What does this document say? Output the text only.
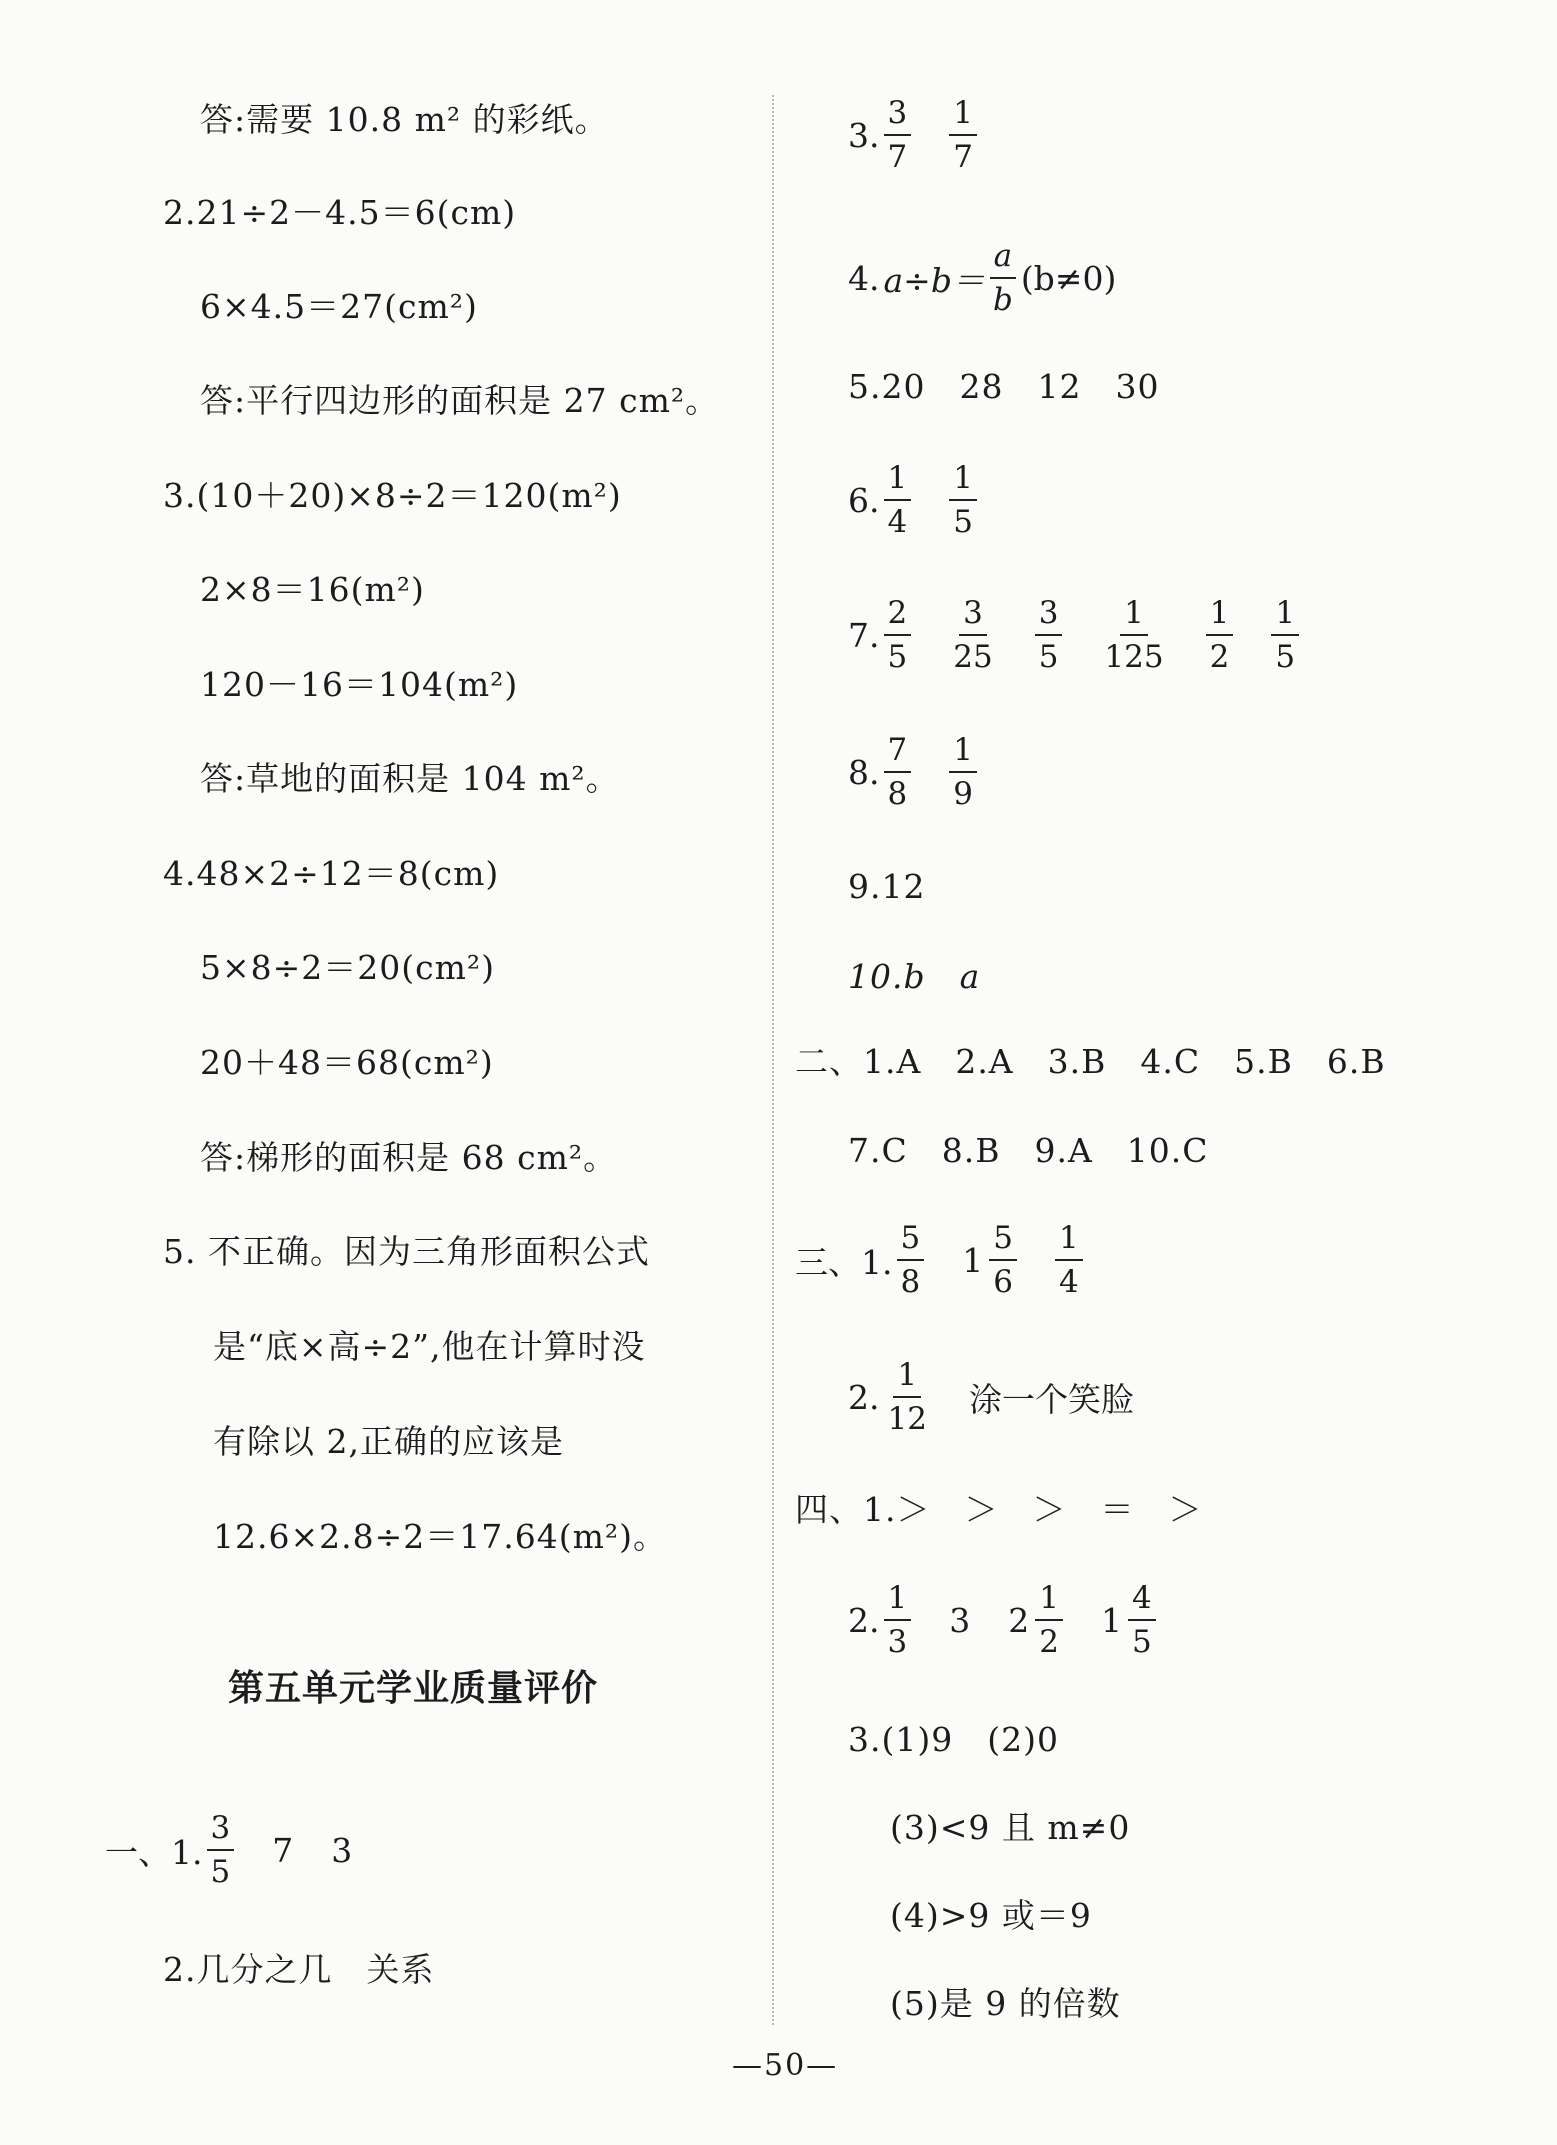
答:需要 10.8 m² 的彩纸。
2.21÷2－4.5＝6(cm)
6×4.5＝27(cm²)
答:平行四边形的面积是 27 cm²。
3.(10＋20)×8÷2＝120(m²)
2×8＝16(m²)
120－16＝104(m²)
答:草地的面积是 104 m²。
4.48×2÷12＝8(cm)
5×8÷2＝20(cm²)
20＋48＝68(cm²)
答:梯形的面积是 68 cm²。
5. 不正确。因为三角形面积公式
是“底×高÷2”,他在计算时没
有除以 2,正确的应该是
12.6×2.8÷2＝17.64(m²)。
第五单元学业质量评价
一、1. $\frac{3}{5} 7$ 3
2.几分之几　关系
3. $\frac{3}{7} \frac{1}{7}$
4. $a\div b= \frac{a}{b} (b\ne 0)$
5.20　28　12　30
6. $\frac{1}{4} \frac{1}{5}$
7. $\frac{2}{5} \frac{3}{25} \frac{3}{5} \frac{1}{125} \frac{1}{2} \frac{1}{5}$
8. $\frac{7}{8} \frac{1}{9}$
9.12
10.b　a
二、1.A　2.A　3.B　4.C　5.B　6.B
7.C　8.B　9.A　10.C
三、1. $\frac{5}{8} 1 \frac{5}{6} \frac{1}{4}$
2. $\frac{1}{12}$ 涂一个笑脸
四、1.＞　＞　＞　＝　＞
2. $\frac{1}{3} 3$ $2 \frac{1}{2} 1 \frac{4}{5}$
3.(1)9　(2)0
(3)<9 且 m≠0
(4)>9 或＝9
(5)是 9 的倍数
—50—
